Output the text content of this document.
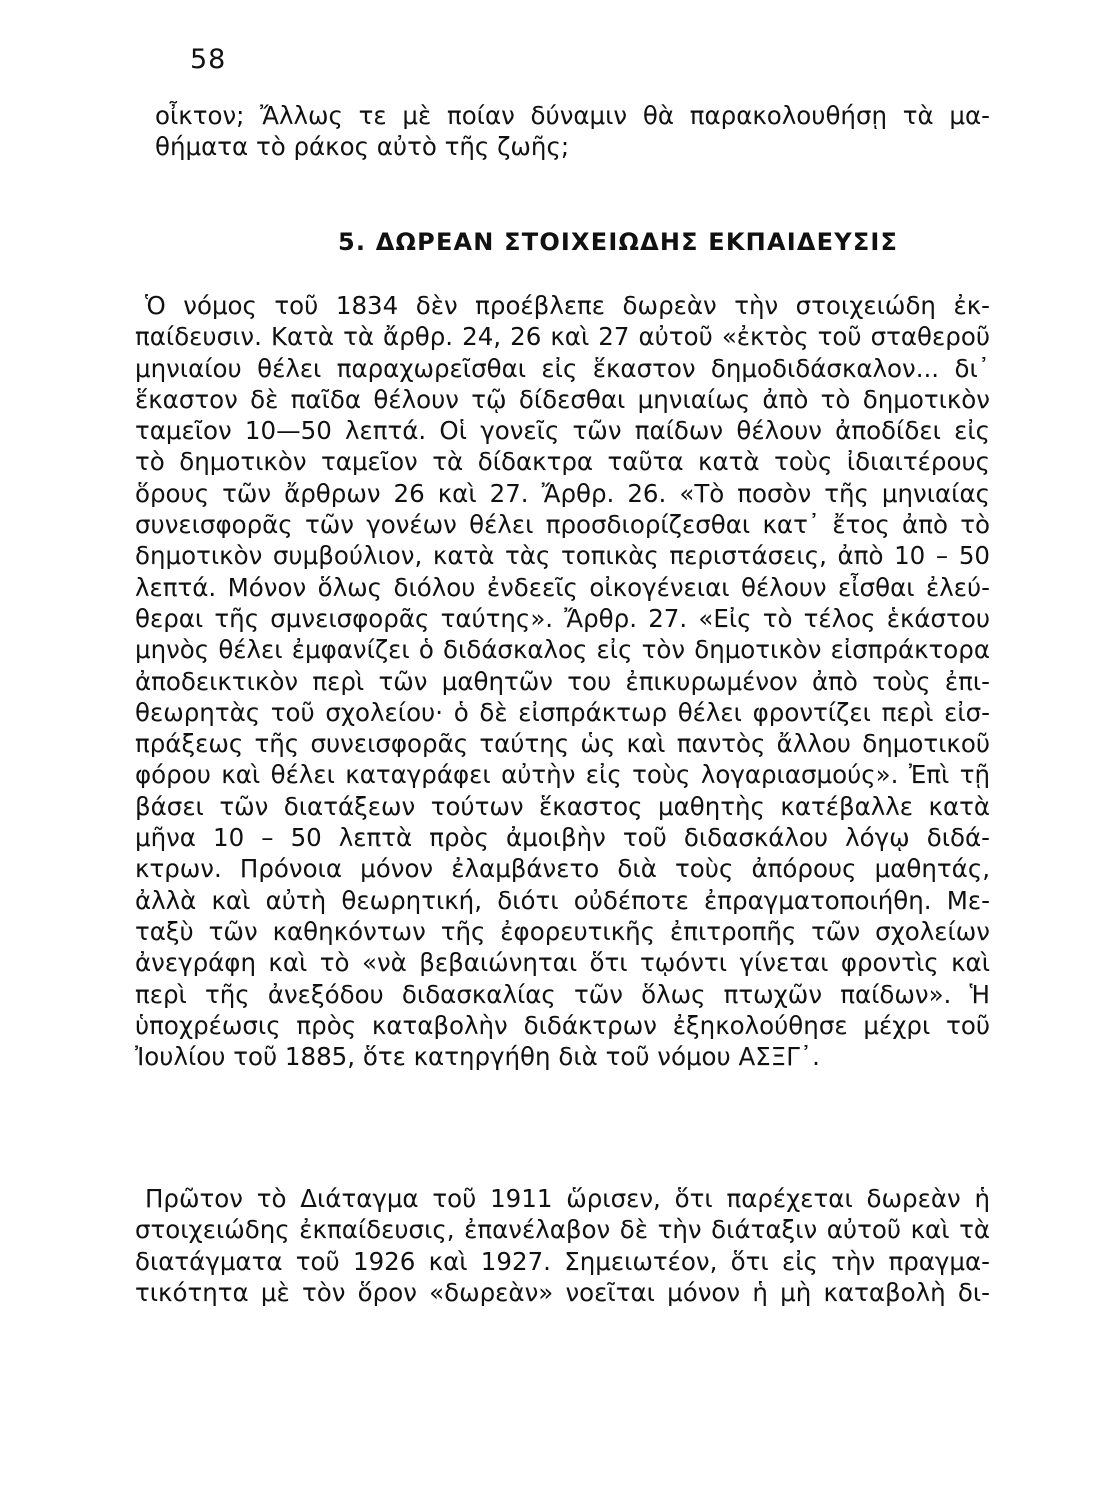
58
οἶκτον; Ἄλλως τε μὲ ποίαν δύναμιν θὰ παρακολουθήσῃ τὰ μα-
θήματα τὸ ράκος αὐτὸ τῆς ζωῆς;
5. ΔΩΡΕΑΝ ΣΤΟΙΧΕΙΩΔΗΣ ΕΚΠΑΙΔΕΥΣΙΣ
Ὁ νόμος τοῦ 1834 δὲν προέβλεπε δωρεὰν τὴν στοιχειώδη ἐκ-
παίδευσιν. Κατὰ τὰ ἄρθρ. 24, 26 καὶ 27 αὐτοῦ «ἐκτὸς τοῦ σταθεροῦ
μηνιαίου θέλει παραχωρεῖσθαι εἰς ἕκαστον δημοδιδάσκαλον... δι᾽
ἕκαστον δὲ παῖδα θέλουν τῷ δίδεσθαι μηνιαίως ἀπὸ τὸ δημοτικὸν
ταμεῖον 10—50 λεπτά. Οἱ γονεῖς τῶν παίδων θέλουν ἀποδίδει εἰς
τὸ δημοτικὸν ταμεῖον τὰ δίδακτρα ταῦτα κατὰ τοὺς ἰδιαιτέρους
ὅρους τῶν ἄρθρων 26 καὶ 27. Ἄρθρ. 26. «Τὸ ποσὸν τῆς μηνιαίας
συνεισφορᾶς τῶν γονέων θέλει προσδιορίζεσθαι κατ᾽ ἔτος ἀπὸ τὸ
δημοτικὸν συμβούλιον, κατὰ τὰς τοπικὰς περιστάσεις, ἀπὸ 10 – 50
λεπτά. Μόνον ὅλως διόλου ἐνδεεῖς οἰκογένειαι θέλουν εἶσθαι ἐλεύ-
θεραι τῆς σμνεισφορᾶς ταύτης». Ἄρθρ. 27. «Εἰς τὸ τέλος ἑκάστου
μηνὸς θέλει ἐμφανίζει ὁ διδάσκαλος εἰς τὸν δημοτικὸν εἰσπράκτορα
ἀποδεικτικὸν περὶ τῶν μαθητῶν του ἐπικυρωμένον ἀπὸ τοὺς ἐπι-
θεωρητὰς τοῦ σχολείου· ὁ δὲ εἰσπράκτωρ θέλει φροντίζει περὶ εἰσ-
πράξεως τῆς συνεισφορᾶς ταύτης ὡς καὶ παντὸς ἄλλου δημοτικοῦ
φόρου καὶ θέλει καταγράφει αὐτὴν εἰς τοὺς λογαριασμούς». Ἐπὶ τῇ
βάσει τῶν διατάξεων τούτων ἕκαστος μαθητὴς κατέβαλλε κατὰ
μῆνα 10 – 50 λεπτὰ πρὸς ἀμοιβὴν τοῦ διδασκάλου λόγῳ διδά-
κτρων. Πρόνοια μόνον ἐλαμβάνετο διὰ τοὺς ἀπόρους μαθητάς,
ἀλλὰ καὶ αὐτὴ θεωρητική, διότι οὐδέποτε ἐπραγματοποιήθη. Με-
ταξὺ τῶν καθηκόντων τῆς ἐφορευτικῆς ἐπιτροπῆς τῶν σχολείων
ἀνεγράφη καὶ τὸ «νὰ βεβαιώνηται ὅτι τῳόντι γίνεται φροντὶς καὶ
περὶ τῆς ἀνεξόδου διδασκαλίας τῶν ὅλως πτωχῶν παίδων». Ἡ
ὑποχρέωσις πρὸς καταβολὴν διδάκτρων ἐξηκολούθησε μέχρι τοῦ
Ἰουλίου τοῦ 1885, ὅτε κατηργήθη διὰ τοῦ νόμου ΑΣΞΓ᾽.
Πρῶτον τὸ Διάταγμα τοῦ 1911 ὥρισεν, ὅτι παρέχεται δωρεὰν ἡ
στοιχειώδης ἐκπαίδευσις, ἐπανέλαβον δὲ τὴν διάταξιν αὐτοῦ καὶ τὰ
διατάγματα τοῦ 1926 καὶ 1927. Σημειωτέον, ὅτι εἰς τὴν πραγμα-
τικότητα μὲ τὸν ὅρον «δωρεὰν» νοεῖται μόνον ἡ μὴ καταβολὴ δι-
